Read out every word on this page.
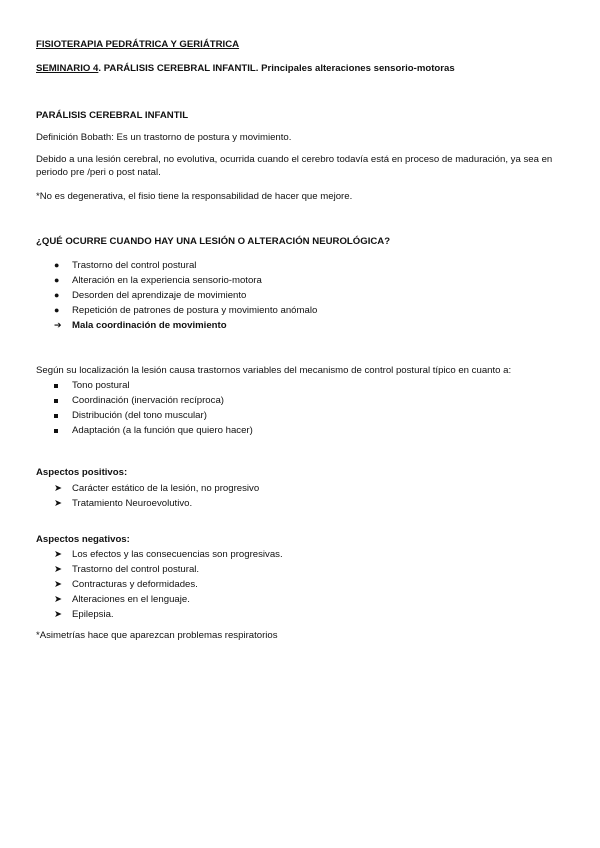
FISIOTERAPIA PEDRÁTRICA Y GERIÁTRICA
SEMINARIO 4. PARÁLISIS CEREBRAL INFANTIL. Principales alteraciones sensorio-motoras
PARÁLISIS CEREBRAL INFANTIL

Definición Bobath: Es un trastorno de postura y movimiento.

Debido a una lesión cerebral, no evolutiva, ocurrida cuando el cerebro todavía está en proceso de maduración, ya sea en periodo pre /peri o post natal.

*No es degenerativa, el fisio tiene la responsabilidad de hacer que mejore.

¿QUÉ OCURRE CUANDO HAY UNA LESIÓN O ALTERACIÓN NEUROLÓGICA?
●	Trastorno del control postural
●	Alteración en la experiencia sensorio-motora
●	Desorden del aprendizaje de movimiento
●	Repetición de patrones de postura y movimiento anómalo
➔	Mala coordinación de movimiento

Según su localización la lesión causa trastornos variables del mecanismo de control postural típico en cuanto a:

Tono postural
Coordinación (inervación recíproca)
Distribución (del tono muscular)
Adaptación (a la función que quiero hacer)
Aspectos positivos:
➤	Carácter estático de la lesión, no progresivo
➤	Tratamiento Neuroevolutivo.
Aspectos negativos:
➤	Los efectos y las consecuencias son progresivas.
➤	Trastorno del control postural.
➤	Contracturas y deformidades.
➤	Alteraciones en el lenguaje.
➤	Epilepsia.

*Asimetrías hace que aparezcan problemas respiratorios
